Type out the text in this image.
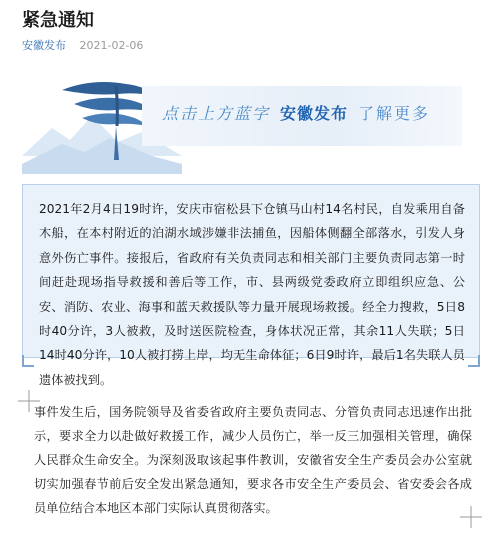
紧急通知
安徽发布 2021-02-06
点击上方蓝字 安徽发布 了解更多

2021年2月4日19时许，安庆市宿松县下仓镇马山村14名村民，自发乘用自备木船，在本村附近的泊湖水域涉嫌非法捕鱼，因船体侧翻全部落水，引发人身意外伤亡事件。接报后，省政府有关负责同志和相关部门主要负责同志第一时间赶赴现场指导救援和善后等工作，市、县两级党委政府立即组织应急、公安、消防、农业、海事和蓝天救援队等力量开展现场救援。经全力搜救，5日8时40分许，3人被救，及时送医院检查，身体状况正常，其余11人失联；5日14时40分许，10人被打捞上岸，均无生命体征；6日9时许，最后1名失联人员遗体被找到。

事件发生后，国务院领导及省委省政府主要负责同志、分管负责同志迅速作出批示，要求全力以赴做好救援工作，减少人员伤亡，举一反三加强相关管理，确保人民群众生命安全。为深刻汲取该起事件教训，安徽省安全生产委员会办公室就切实加强春节前后安全发出紧急通知，要求各市安全生产委员会、省安委会各成员单位结合本地区本部门实际认真贯彻落实。
